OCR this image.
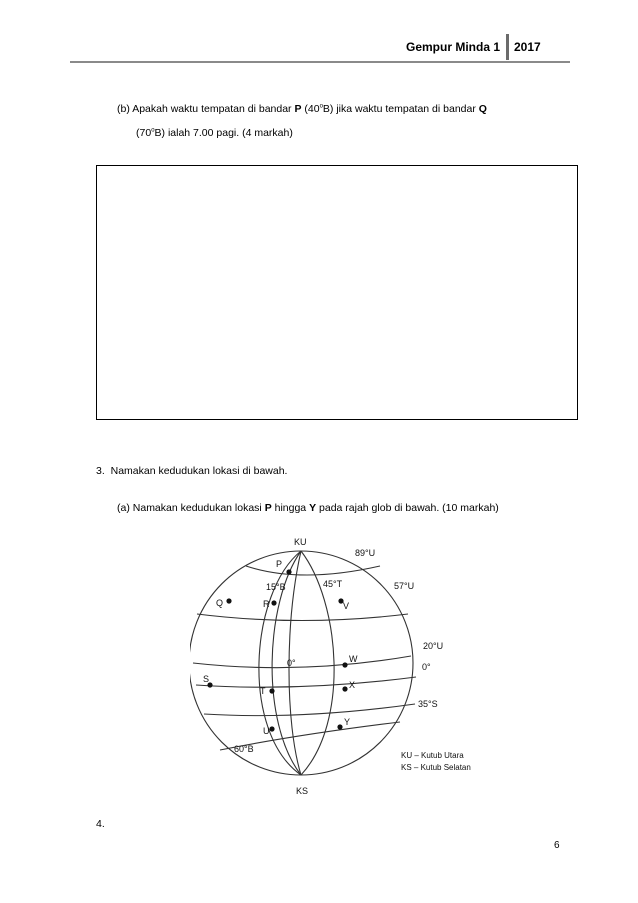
Gempur Minda 1 2017
(b) Apakah waktu tempatan di bandar P (40$^o$B) jika waktu tempatan di bandar Q
(70$^o$B) ialah 7.00 pagi. (4 markah)
3. Namakan kedudukan lokasi di bawah.
(a) Namakan kedudukan lokasi P hingga Y pada rajah glob di bawah. (10 markah)
KU
KS
89°U
57°U
20°U
0°
35°S
15°B	45°T
0°
60°B
P
Q	R
S
T
U
V
W
X
Y
KU – Kutub Utara
KS – Kutub Selatan
4.
6
